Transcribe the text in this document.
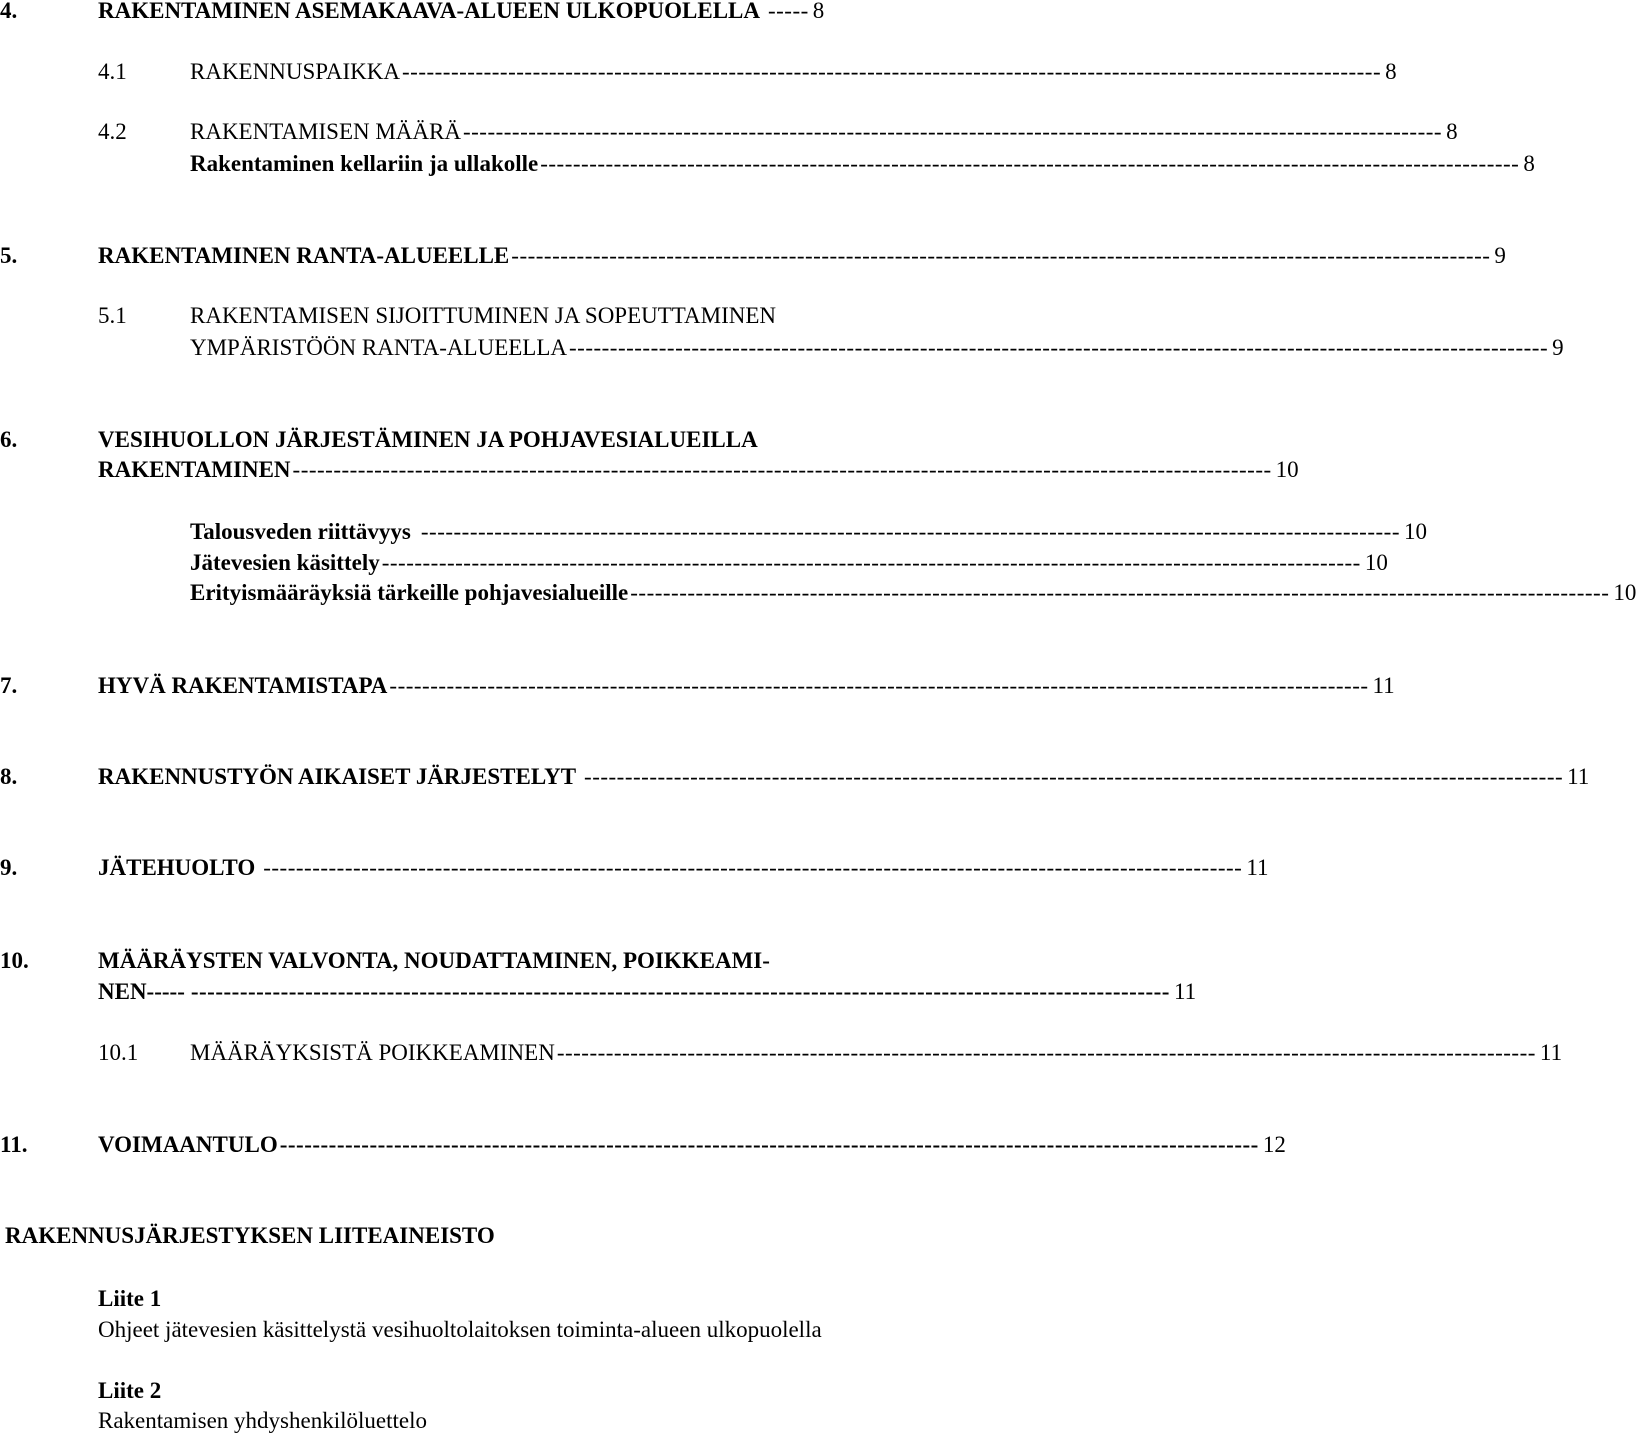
4.	RAKENTAMINEN ASEMAKAAVA-ALUEEN ULKOPUOLELLA ----- 8
4.1	RAKENNUSPAIKKA ------------------------------------------------------------------------------------------------------------------------ 8
4.2	RAKENTAMISEN MÄÄRÄ ------------------------------------------------------------------------------------------------------------------------ 8
Rakentaminen kellariin ja ullakolle ------------------------------------------------------------------------------------------------------------------------ 8
5.	RAKENTAMINEN RANTA-ALUEELLE ------------------------------------------------------------------------------------------------------------------------ 9
5.1	RAKENTAMISEN SIJOITTUMINEN JA SOPEUTTAMINEN
YMPÄRISTÖÖN RANTA-ALUEELLA ------------------------------------------------------------------------------------------------------------------------ 9
6.	VESIHUOLLON JÄRJESTÄMINEN JA POHJAVESIALUEILLA
RAKENTAMINEN ------------------------------------------------------------------------------------------------------------------------ 10
Talousveden riittävyys ------------------------------------------------------------------------------------------------------------------------ 10
Jätevesien käsittely ------------------------------------------------------------------------------------------------------------------------ 10
Erityismääräyksiä tärkeille pohjavesialueille ------------------------------------------------------------------------------------------------------------------------ 10
7.	HYVÄ RAKENTAMISTAPA ------------------------------------------------------------------------------------------------------------------------ 11
8.	RAKENNUSTYÖN AIKAISET JÄRJESTELYT ------------------------------------------------------------------------------------------------------------------------ 11
9.	JÄTEHUOLTO ------------------------------------------------------------------------------------------------------------------------ 11
10.	MÄÄRÄYSTEN VALVONTA, NOUDATTAMINEN, POIKKEAMI-
NEN----- ------------------------------------------------------------------------------------------------------------------------ 11
10.1 MÄÄRÄYKSISTÄ POIKKEAMINEN ------------------------------------------------------------------------------------------------------------------------ 11
11.	VOIMAANTULO ------------------------------------------------------------------------------------------------------------------------ 12
RAKENNUSJÄRJESTYKSEN LIITEAINEISTO
Liite 1
Ohjeet jätevesien käsittelystä vesihuoltolaitoksen toiminta-alueen ulkopuolella
Liite 2
Rakentamisen yhdyshenkilöluettelo
